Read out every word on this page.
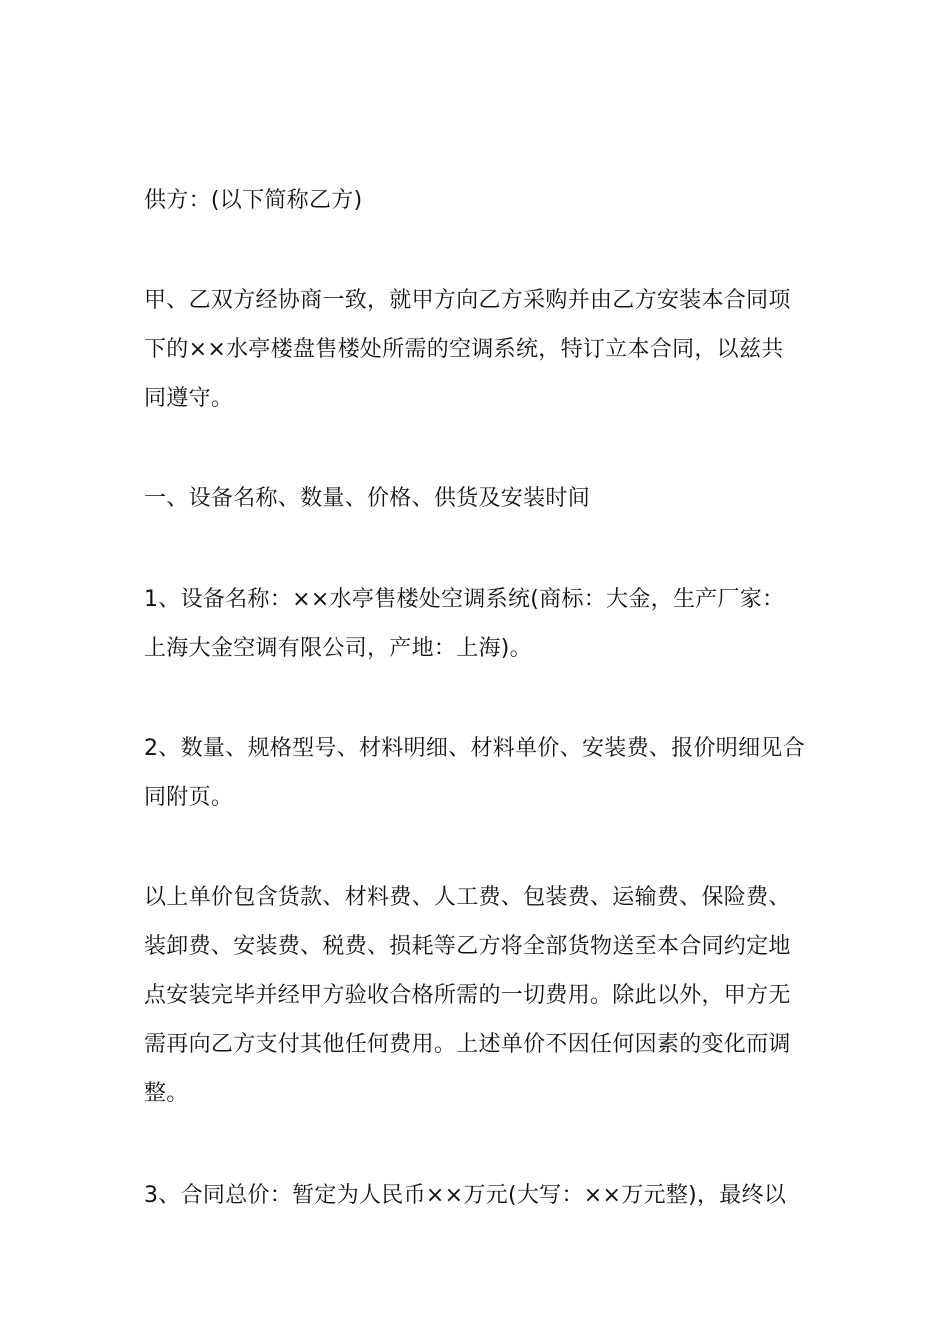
供方：(以下简称乙方)
甲、乙双方经协商一致，就甲方向乙方采购并由乙方安装本合同项
下的××水亭楼盘售楼处所需的空调系统，特订立本合同，以兹共
同遵守。
一、设备名称、数量、价格、供货及安装时间
1、设备名称：××水亭售楼处空调系统(商标：大金，生产厂家：
上海大金空调有限公司，产地：上海)。
2、数量、规格型号、材料明细、材料单价、安装费、报价明细见合
同附页。
以上单价包含货款、材料费、人工费、包装费、运输费、保险费、
装卸费、安装费、税费、损耗等乙方将全部货物送至本合同约定地
点安装完毕并经甲方验收合格所需的一切费用。除此以外，甲方无
需再向乙方支付其他任何费用。上述单价不因任何因素的变化而调
整。
3、合同总价：暂定为人民币××万元(大写：××万元整)，最终以
